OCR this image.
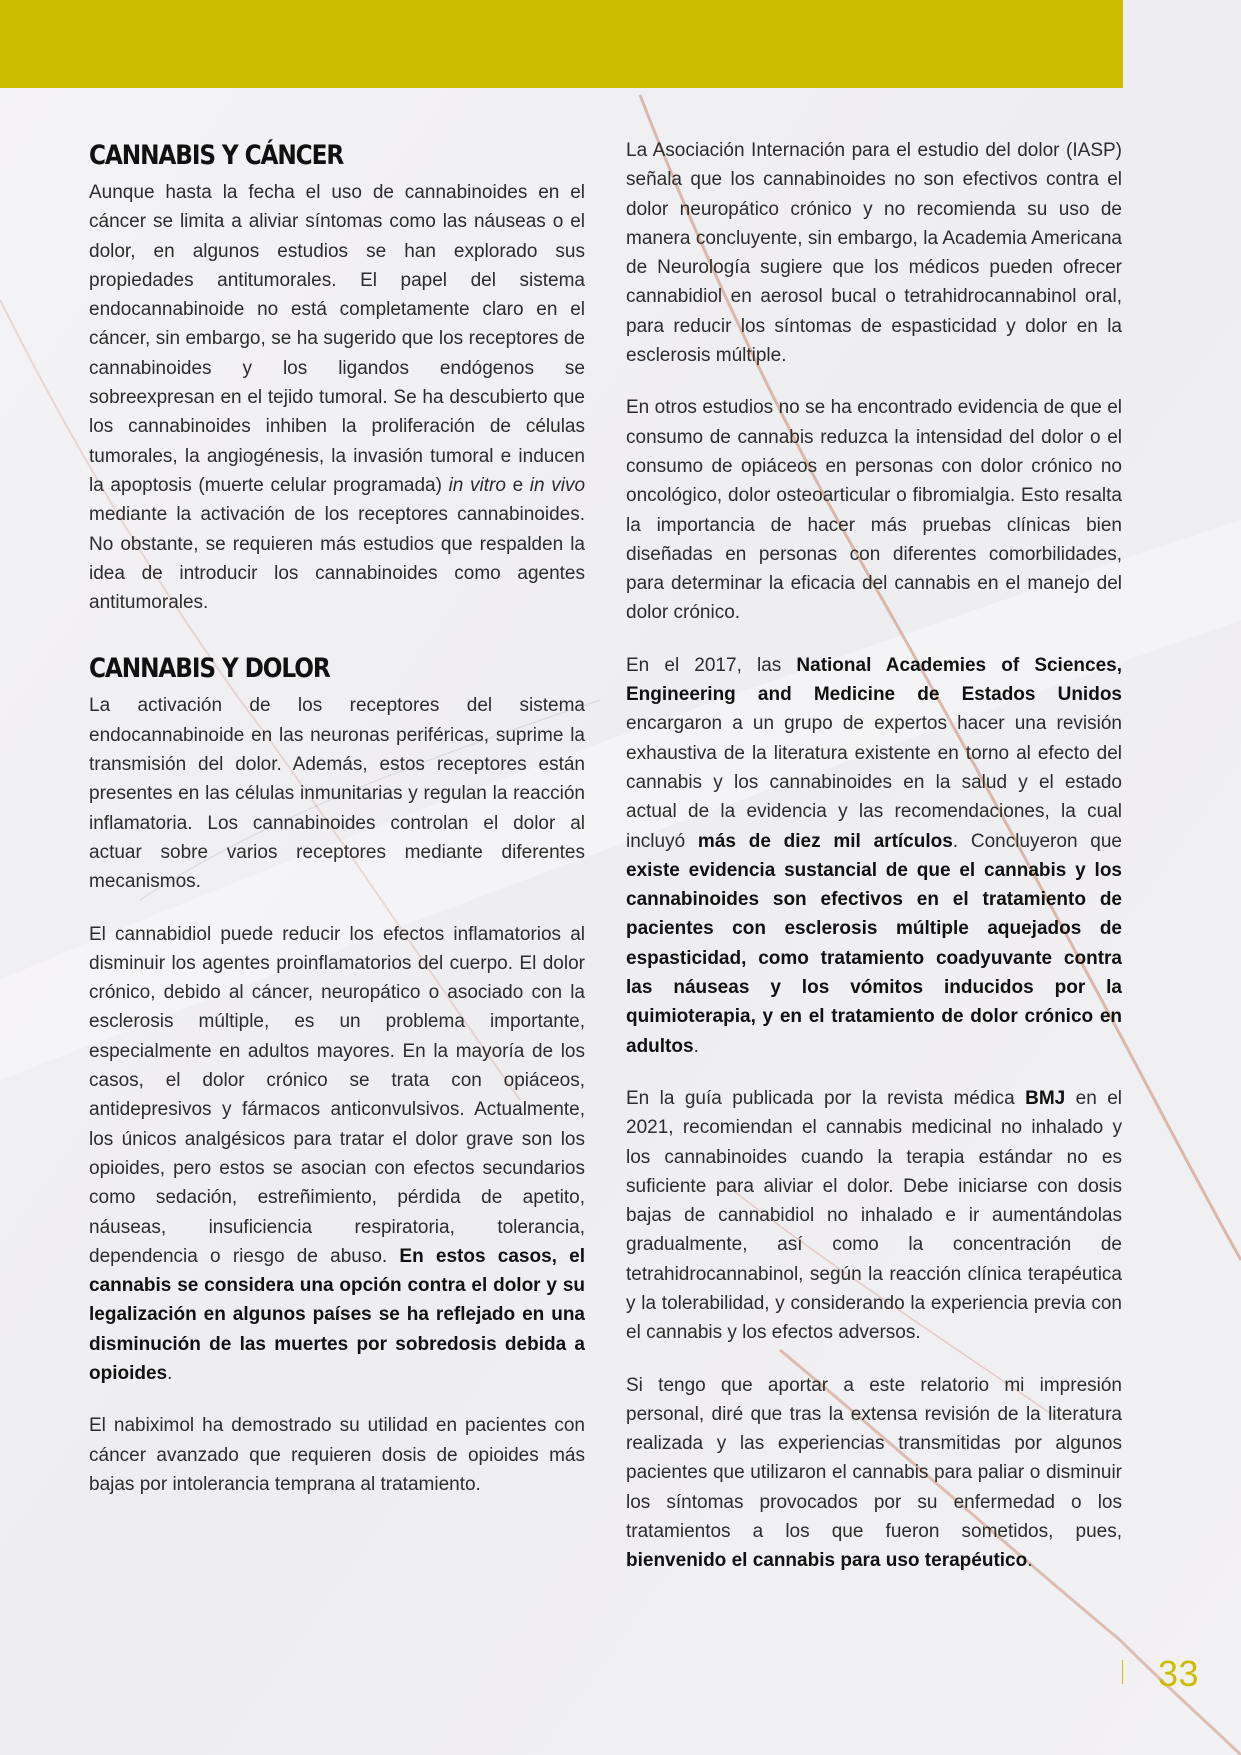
CANNABIS Y CÁNCER

Aunque hasta la fecha el uso de cannabinoides en el cáncer se limita a aliviar síntomas como las náuseas o el dolor, en algunos estudios se han explorado sus propiedades antitumorales. El papel del sistema endocannabinoide no está completamente claro en el cáncer, sin embargo, se ha sugerido que los receptores de cannabinoides y los ligandos endógenos se sobreexpresan en el tejido tumoral. Se ha descubierto que los cannabinoides inhiben la proliferación de células tumorales, la angiogénesis, la invasión tumoral e inducen la apoptosis (muerte celular programada) in vitro e in vivo mediante la activación de los receptores cannabinoides. No obstante, se requieren más estudios que respalden la idea de introducir los cannabinoides como agentes antitumorales.

CANNABIS Y DOLOR

La activación de los receptores del sistema endocannabinoide en las neuronas periféricas, suprime la transmisión del dolor. Además, estos receptores están presentes en las células inmunitarias y regulan la reacción inflamatoria. Los cannabinoides controlan el dolor al actuar sobre varios receptores mediante diferentes mecanismos.

El cannabidiol puede reducir los efectos inflamatorios al disminuir los agentes proinflamatorios del cuerpo. El dolor crónico, debido al cáncer, neuropático o asociado con la esclerosis múltiple, es un problema importante, especialmente en adultos mayores. En la mayoría de los casos, el dolor crónico se trata con opiáceos, antidepresivos y fármacos anticonvulsivos. Actualmente, los únicos analgésicos para tratar el dolor grave son los opioides, pero estos se asocian con efectos secundarios como sedación, estreñimiento, pérdida de apetito, náuseas, insuficiencia respiratoria, tolerancia, dependencia o riesgo de abuso. En estos casos, el cannabis se considera una opción contra el dolor y su legalización en algunos países se ha reflejado en una disminución de las muertes por sobredosis debida a opioides.

El nabiximol ha demostrado su utilidad en pacientes con cáncer avanzado que requieren dosis de opioides más bajas por intolerancia temprana al tratamiento.

La Asociación Internación para el estudio del dolor (IASP) señala que los cannabinoides no son efectivos contra el dolor neuropático crónico y no recomienda su uso de manera concluyente, sin embargo, la Academia Americana de Neurología sugiere que los médicos pueden ofrecer cannabidiol en aerosol bucal o tetrahidrocannabinol oral, para reducir los síntomas de espasticidad y dolor en la esclerosis múltiple.

En otros estudios no se ha encontrado evidencia de que el consumo de cannabis reduzca la intensidad del dolor o el consumo de opiáceos en personas con dolor crónico no oncológico, dolor osteoarticular o fibromialgia. Esto resalta la importancia de hacer más pruebas clínicas bien diseñadas en personas con diferentes comorbilidades, para determinar la eficacia del cannabis en el manejo del dolor crónico.

En el 2017, las National Academies of Sciences, Engineering and Medicine de Estados Unidos encargaron a un grupo de expertos hacer una revisión exhaustiva de la literatura existente en torno al efecto del cannabis y los cannabinoides en la salud y el estado actual de la evidencia y las recomendaciones, la cual incluyó más de diez mil artículos. Concluyeron que existe evidencia sustancial de que el cannabis y los cannabinoides son efectivos en el tratamiento de pacientes con esclerosis múltiple aquejados de espasticidad, como tratamiento coadyuvante contra las náuseas y los vómitos inducidos por la quimioterapia, y en el tratamiento de dolor crónico en adultos.

En la guía publicada por la revista médica BMJ en el 2021, recomiendan el cannabis medicinal no inhalado y los cannabinoides cuando la terapia estándar no es suficiente para aliviar el dolor. Debe iniciarse con dosis bajas de cannabidiol no inhalado e ir aumentándolas gradualmente, así como la concentración de tetrahidrocannabinol, según la reacción clínica terapéutica y la tolerabilidad, y considerando la experiencia previa con el cannabis y los efectos adversos.

Si tengo que aportar a este relatorio mi impresión personal, diré que tras la extensa revisión de la literatura realizada y las experiencias transmitidas por algunos pacientes que utilizaron el cannabis para paliar o disminuir los síntomas provocados por su enfermedad o los tratamientos a los que fueron sometidos, pues, bienvenido el cannabis para uso terapéutico.

33
